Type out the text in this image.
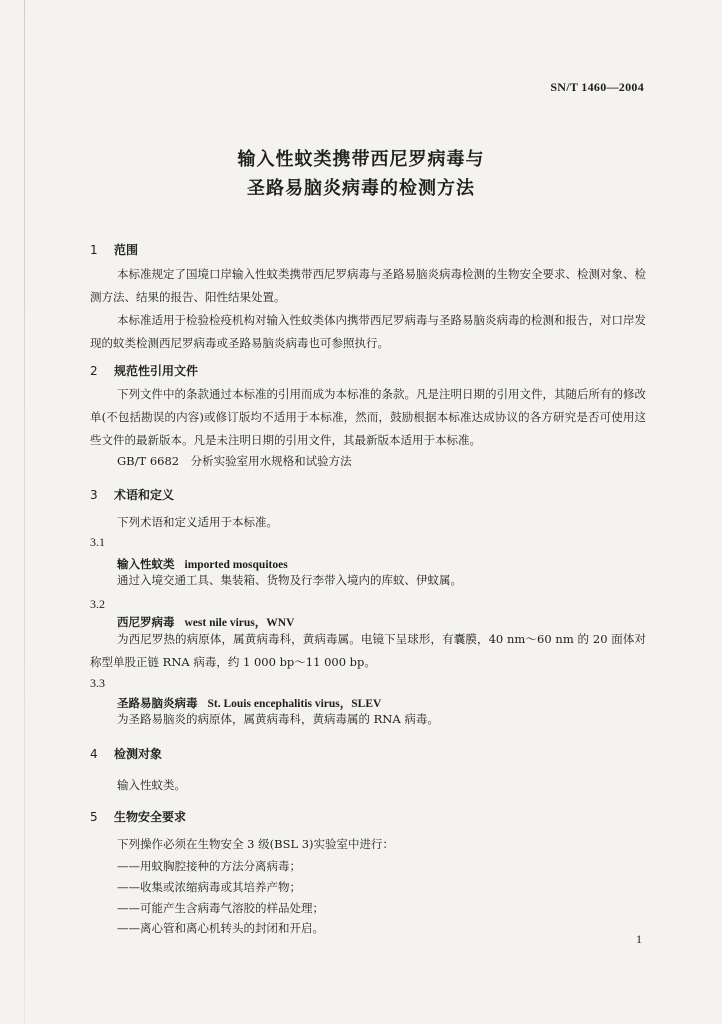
SN/T 1460—2004
输入性蚊类携带西尼罗病毒与
圣路易脑炎病毒的检测方法
1 范围
本标准规定了国境口岸输入性蚊类携带西尼罗病毒与圣路易脑炎病毒检测的生物安全要求、检测对象、检测方法、结果的报告、阳性结果处置。
本标准适用于检验检疫机构对输入性蚊类体内携带西尼罗病毒与圣路易脑炎病毒的检测和报告，对口岸发现的蚊类检测西尼罗病毒或圣路易脑炎病毒也可参照执行。
2 规范性引用文件
下列文件中的条款通过本标准的引用而成为本标准的条款。凡是注明日期的引用文件，其随后所有的修改单(不包括勘误的内容)或修订版均不适用于本标准，然而，鼓励根据本标准达成协议的各方研究是否可使用这些文件的最新版本。凡是未注明日期的引用文件，其最新版本适用于本标准。
GB/T 6682　分析实验室用水规格和试验方法
3 术语和定义
下列术语和定义适用于本标准。
3.1
输入性蚊类 imported mosquitoes
通过入境交通工具、集装箱、货物及行李带入境内的库蚊、伊蚊属。
3.2
西尼罗病毒 west nile virus，WNV
为西尼罗热的病原体，属黄病毒科，黄病毒属。电镜下呈球形，有囊膜，40 nm～60 nm 的 20 面体对称型单股正链 RNA 病毒，约 1 000 bp～11 000 bp。
3.3
圣路易脑炎病毒 St. Louis encephalitis virus，SLEV
为圣路易脑炎的病原体，属黄病毒科，黄病毒属的 RNA 病毒。
4 检测对象
输入性蚊类。
5 生物安全要求
下列操作必须在生物安全 3 级(BSL 3)实验室中进行：
——用蚊胸腔接种的方法分离病毒；
——收集或浓缩病毒或其培养产物；
——可能产生含病毒气溶胶的样品处理；
——离心管和离心机转头的封闭和开启。
1
